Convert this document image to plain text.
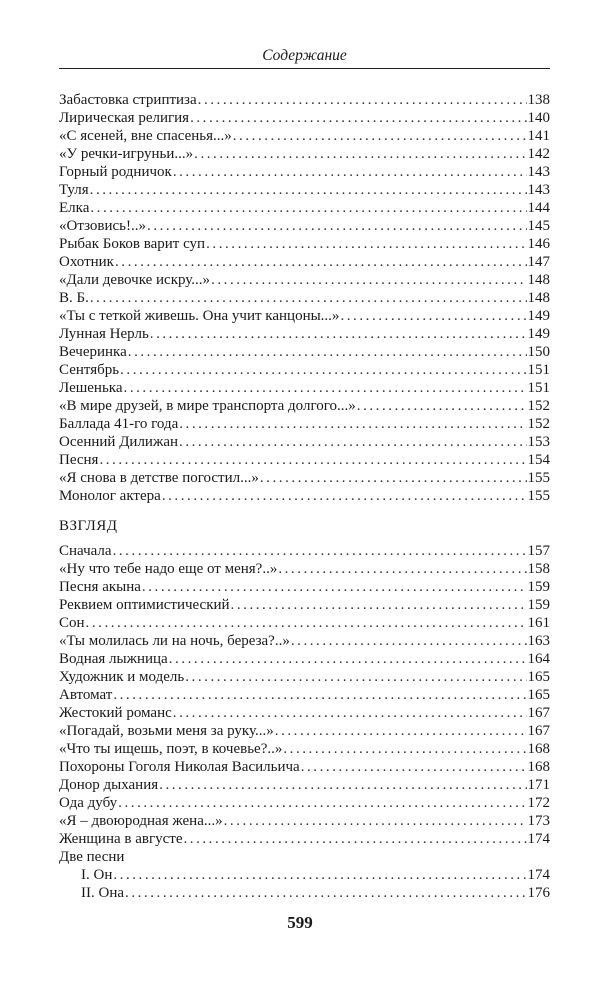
Содержание
Забастовка стриптиза . . .	138
Лирическая религия . . .	140
«С ясеней, вне спасенья...» . . .	141
«У речки-игруньи...» . . .	142
Горный родничок . . .	143
Туля . . .	143
Елка . . .	144
«Отзовись!..» . . .	145
Рыбак Боков варит суп . . .	146
Охотник . . .	147
«Дали девочке искру...» . . .	148
В. Б. . . .	148
«Ты с теткой живешь. Она учит канцоны...» . . .	149
Лунная Нерль . . .	149
Вечеринка . . .	150
Сентябрь . . .	151
Лешенька . . .	151
«В мире друзей, в мире транспорта долгого...» . . .	152
Баллада 41-го года . . .	152
Осенний Дилижан . . .	153
Песня . . .	154
«Я снова в детстве погостил...» . . .	155
Монолог актера . . .	155
ВЗГЛЯД
Сначала . . .	157
«Ну что тебе надо еще от меня?..» . . .	158
Песня акына . . .	159
Реквием оптимистический . . .	159
Сон . . .	161
«Ты молилась ли на ночь, береза?..» . . .	163
Водная лыжница . . .	164
Художник и модель . . .	165
Автомат . . .	165
Жестокий романс . . .	167
«Погадай, возьми меня за руку...» . . .	167
«Что ты ищешь, поэт, в кочевье?..» . . .	168
Похороны Гоголя Николая Васильича . . .	168
Донор дыхания . . .	171
Ода дубу . . .	172
«Я – двоюродная жена...» . . .	173
Женщина в августе . . .	174
Две песни
I. Он . . .	174
II. Она . . .	176
599
